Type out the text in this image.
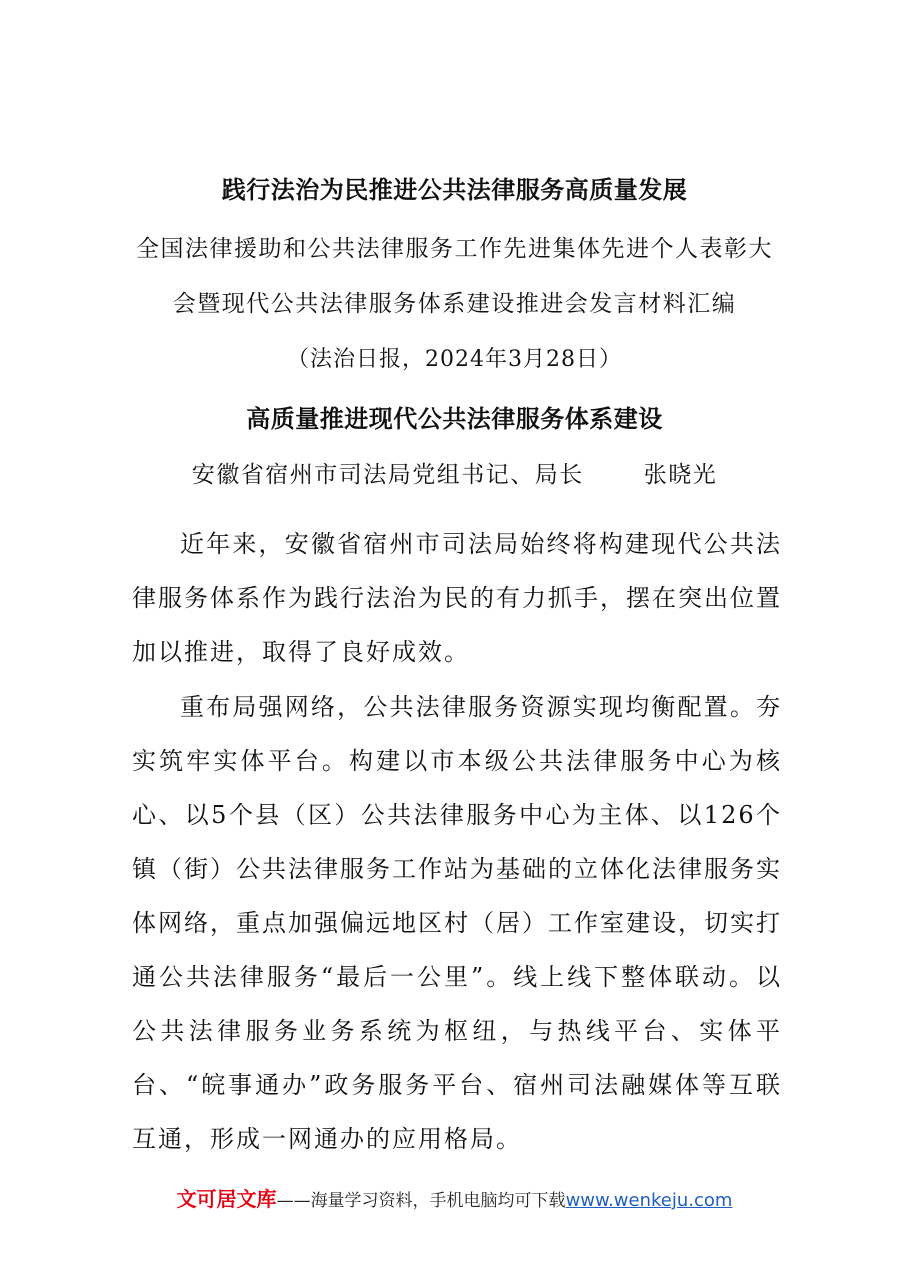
践行法治为民推进公共法律服务高质量发展
全国法律援助和公共法律服务工作先进集体先进个人表彰大
会暨现代公共法律服务体系建设推进会发言材料汇编
（法治日报，2024年3月28日）
高质量推进现代公共法律服务体系建设
安徽省宿州市司法局党组书记、局长	张晓光

近年来，安徽省宿州市司法局始终将构建现代公共法律服务体系作为践行法治为民的有力抓手，摆在突出位置加以推进，取得了良好成效。

重布局强网络，公共法律服务资源实现均衡配置。夯实筑牢实体平台。构建以市本级公共法律服务中心为核心、以5个县（区）公共法律服务中心为主体、以126个镇（街）公共法律服务工作站为基础的立体化法律服务实体网络，重点加强偏远地区村（居）工作室建设，切实打通公共法律服务“最后一公里”。线上线下整体联动。以公共法律服务业务系统为枢纽，与热线平台、实体平台、“皖事通办”政务服务平台、宿州司法融媒体等互联互通，形成一网通办的应用格局。

文可居文库——海量学习资料，手机电脑均可下载www.wenkeju.com
